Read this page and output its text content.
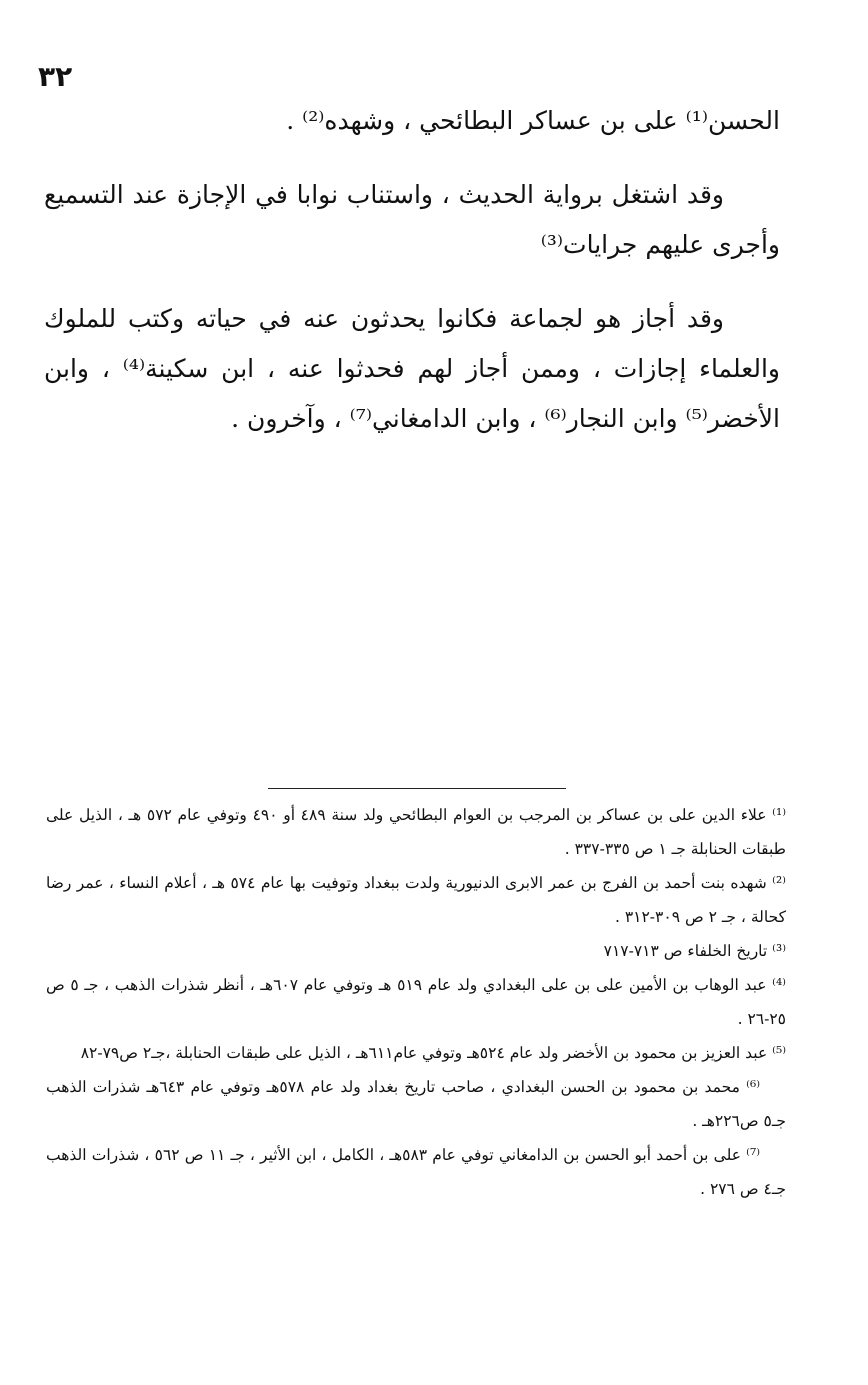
٣٢

الحسن⁽¹⁾ على بن عساكر البطائحي ، وشهده⁽²⁾ .

وقد اشتغل برواية الحديث ، واستناب نوابا في الإجازة عند التسميع وأجرى عليهم جرايات⁽³⁾

وقد أجاز هو لجماعة فكانوا يحدثون عنه في حياته وكتب للملوك والعلماء إجازات ، وممن أجاز لهم فحدثوا عنه ، ابن سكينة⁽⁴⁾ ، وابن الأخضر⁽⁵⁾ وابن النجار⁽⁶⁾ ، وابن الدامغاني⁽⁷⁾ ، وآخرون .

⁽¹⁾ علاء الدين على بن عساكر بن المرجب بن العوام البطائحي ولد سنة ٤٨٩ أو ٤٩٠ وتوفي عام ٥٧٢ هـ ، الذيل على طبقات الحنابلة جـ ١ ص ٣٣٥-٣٣٧ .

⁽²⁾ شهده بنت أحمد بن الفرج بن عمر الابرى الدنيورية ولدت ببغداد وتوفيت بها عام ٥٧٤ هـ ، أعلام النساء ، عمر رضا كحالة ، جـ ٢ ص ٣٠٩-٣١٢ .

⁽³⁾ تاريخ الخلفاء ص ٧١٣-٧١٧

⁽⁴⁾ عبد الوهاب بن الأمين على بن على البغدادي ولد عام ٥١٩ هـ وتوفي عام ٦٠٧هـ ، أنظر شذرات الذهب ، جـ ٥ ص ٢٥-٢٦ .

⁽⁵⁾ عبد العزيز بن محمود بن الأخضر ولد عام ٥٢٤هـ وتوفي عام٦١١هـ ، الذيل على طبقات الحنابلة ،جـ٢ ص٧٩-٨٢

⁽⁶⁾ محمد بن محمود بن الحسن البغدادي ، صاحب تاريخ بغداد ولد عام ٥٧٨هـ وتوفي عام ٦٤٣هـ شذرات الذهب جـ٥ ص٢٢٦هـ .

⁽⁷⁾ على بن أحمد أبو الحسن بن الدامغاني توفي عام ٥٨٣هـ ، الكامل ، ابن الأثير ، جـ ١١ ص ٥٦٢ ، شذرات الذهب جـ٤ ص ٢٧٦ .
